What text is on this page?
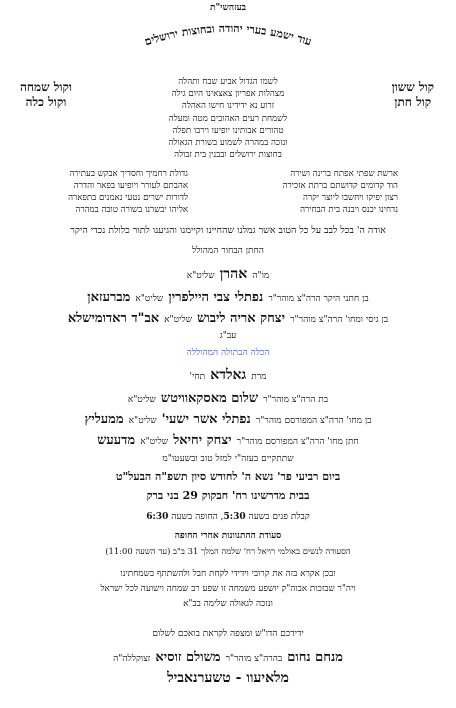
בעזהשי"ת
עוד ישמע בערי יהודה ובחוצות ירושלים
קול ששון
קול חתן
וקול שמחה
וקול כלה
לשמו הגדול אביע שבח ותהלה
מצהלות אפריון צאצאינו היום גילה
זרוע נא ידידינו חישו האהלה
לשמחת רעים האהובים מטה ומעלה
טהורים אבותינו יופיעו וירבו תפלה
ונזכה במהרה לשמוע בשורת הגאולה
בחוצות ירושלים ובבנין בית זבולה
גדולת רחמיך וחסדיך אבקש בעתירה
אהבתם לעורר ויופיעו בפאר והדרה
לדורות ישרים נטעי נאמנים בתפארה
אליהו יבשרנו בשורה טובה במהרה
ארשת שפתי אפתח ברינה ושירה
הוד קדומים קדושתם ברתת אזכירה
רצון יפיקו ויחשבו ליוצר יקרה
נדחינו יכנס ויבנה בית הבחירה
אודה ה' בכל לבב על כל הטוב אשר גמלנו שהחיינו וקיימנו והגיענו לתור כלולת נכדי היקר
החתן הבחור המהולל
מו"ה אהרן שליט"א
בן חתני היקר הרה"צ מוהר"ר נפתלי צבי היילפרין שליט"א מברעזאן
בן גיסי ומחו' הרה"צ מוהר"ר יצחק אריה ליבוש שליט"א אב"ד ראדומישלא
עב"ג
הכלה הבתולה המהוללה
מרת גאלדא תחי'
בת הרה"צ מוהר"ר שלום מאסקאוויטש שליט"א
בן מחו' הרה"צ המפורסם מוהר"ר נפתלי אשר ישעי' שליט"א ממעליץ
חתן מחו' הרה"צ המפורסם מוהר"ר יצחק יחיאל שליט"א מדעעש
שתתקיים בעזה"י למזל טוב ובשעטו"מ
ביום רביעי פר' נשא ה' לחודש סיון תשפ"ה הבעל"ט
בבית מדרשינו רח' חבקוק 29 בני ברק
קבלת פנים בשעה 5:30, החופה בשעה 6:30
סעודת ההתנוונות אחרי החופה
הסעודה לנשים באולמי רויאל רח' שלמה המלך 31 ב"ב (עד השעה 11:00)
ובכן אקרא בזה את קרובי וידידי לקחת חבל ולהשתתף בשמחתינו
ויה"ר שבזכות אבוה"ק יושפע משמחה זו שפע רב שמחה וישועה לכל ישראל
ונזכה לגאולה שלימה בב"א
ידידכם הדו"ש ומצפה לקראת בואכם לשלום
מנחם נחום בהרה"צ מוהר"ר משולם זוסיא זצוקללה"ה
מלאיעוו - טשערנאביל
